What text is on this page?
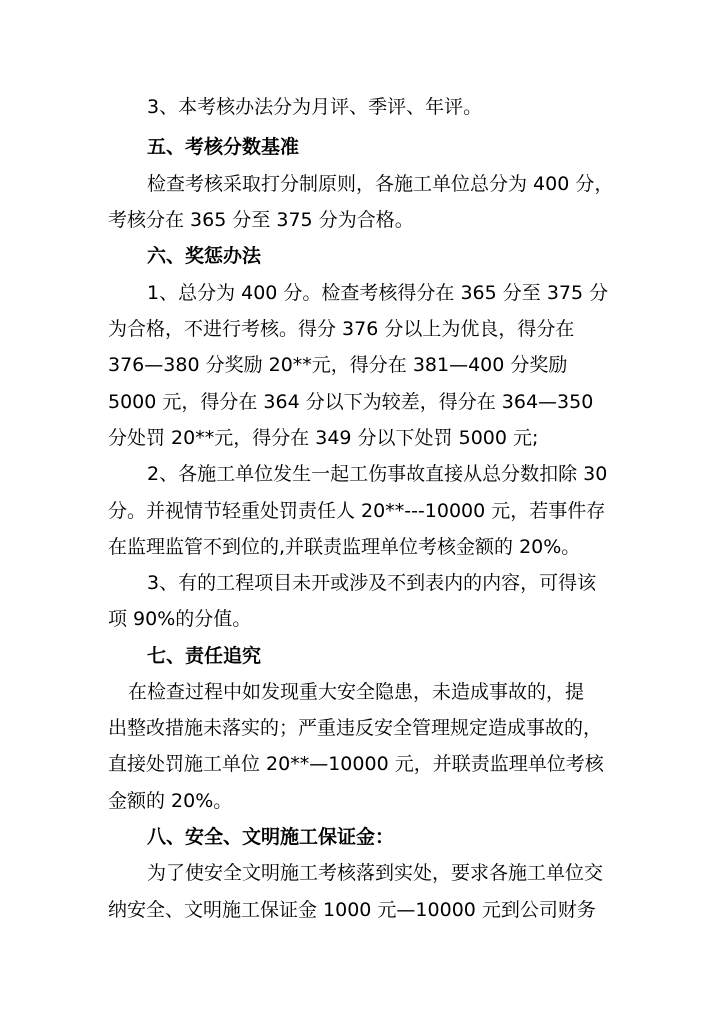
3、本考核办法分为月评、季评、年评。
五、考核分数基准
检查考核采取打分制原则，各施工单位总分为 400 分，
考核分在 365 分至 375 分为合格。
六、奖惩办法
1、总分为 400 分。检查考核得分在 365 分至 375 分
为合格，不进行考核。得分 376 分以上为优良，得分在
376—380 分奖励 20**元，得分在 381—400 分奖励
5000 元，得分在 364 分以下为较差，得分在 364—350
分处罚 20**元，得分在 349 分以下处罚 5000 元;
2、各施工单位发生一起工伤事故直接从总分数扣除 30
分。并视情节轻重处罚责任人 20**---10000 元，若事件存
在监理监管不到位的,并联责监理单位考核金额的 20%。
3、有的工程项目未开或涉及不到表内的内容，可得该
项 90%的分值。
七、责任追究
在检查过程中如发现重大安全隐患，未造成事故的，提
出整改措施未落实的；严重违反安全管理规定造成事故的，
直接处罚施工单位 20**—10000 元，并联责监理单位考核
金额的 20%。
八、安全、文明施工保证金：
为了使安全文明施工考核落到实处，要求各施工单位交
纳安全、文明施工保证金 1000 元—10000 元到公司财务
